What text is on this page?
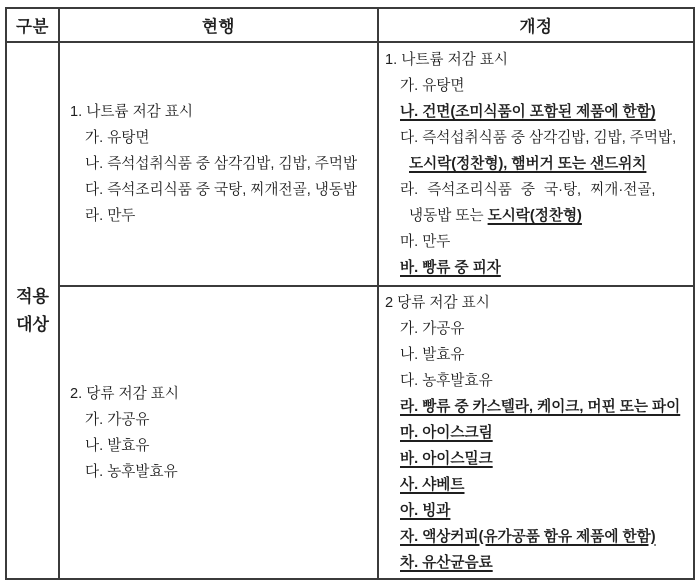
구분	현행	개정
적용
대상
1. 나트륨 저감 표시
가. 유탕면
나. 즉석섭취식품 중 삼각김밥, 김밥, 주먹밥
다. 즉석조리식품 중 국탕, 찌개전골, 냉동밥
라. 만두
1. 나트륨 저감 표시
가. 유탕면
나. 건면(조미식품이 포함된 제품에 한함)
다. 즉석섭취식품 중 삼각김밥, 김밥, 주먹밥,
도시락(정찬형), 햄버거 또는 샌드위치
라. 즉석조리식품 중 국·탕, 찌개·전골,
냉동밥 또는 도시락(정찬형)
마. 만두
바. 빵류 중 피자
2. 당류 저감 표시
가. 가공유
나. 발효유
다. 농후발효유
2 당류 저감 표시
가. 가공유
나. 발효유
다. 농후발효유
라. 빵류 중 카스텔라, 케이크, 머핀 또는 파이
마. 아이스크림
바. 아이스밀크
사. 샤베트
아. 빙과
자. 액상커피(유가공품 함유 제품에 한함)
차. 유산균음료
